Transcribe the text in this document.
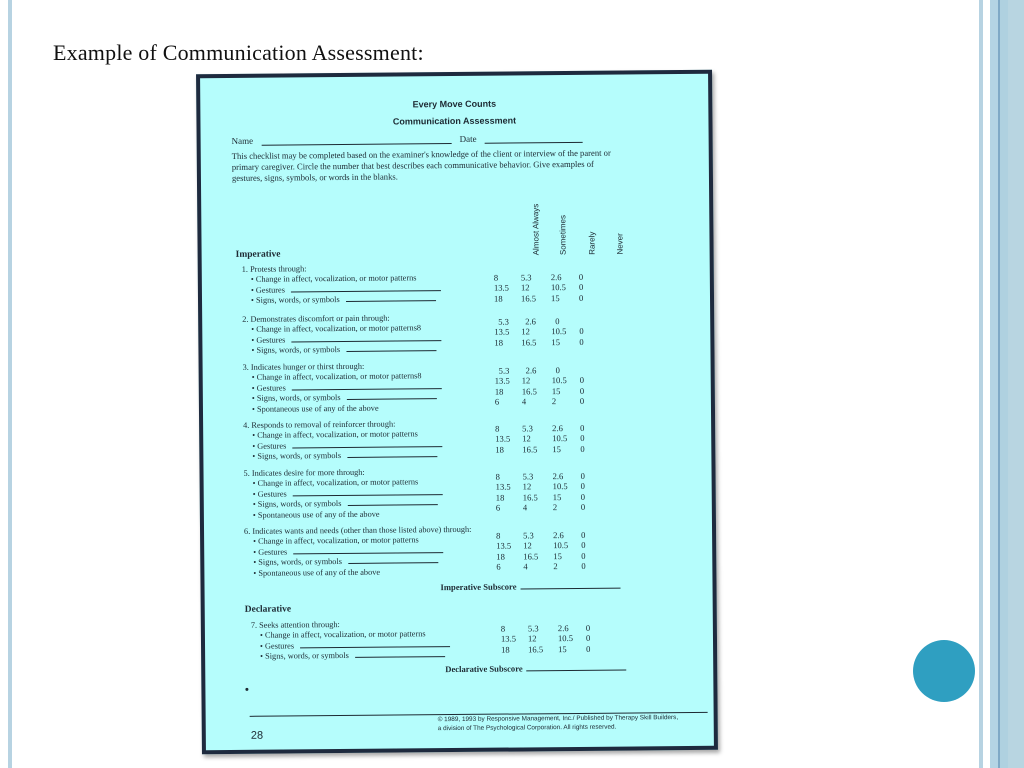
Example of Communication Assessment:
Every Move Counts
Communication Assessment
Name	Date
This checklist may be completed based on the examiner's knowledge of the client or interview of the parent or primary caregiver. Circle the number that best describes each communicative behavior. Give examples of gestures, signs, symbols, or words in the blanks.
Almost Always Sometimes Rarely Never
Imperative
1. Protests through:
• Change in affect, vocalization, or motor patterns
• Gestures
• Signs, words, or symbols
8	5.3	2.6	0
13.5	12	10.5	0
18	16.5	15	0
2. Demonstrates discomfort or pain through:
• Change in affect, vocalization, or motor patterns8
• Gestures
• Signs, words, or symbols
5.3	2.6	0
13.5	12	10.5	0
18	16.5	15	0
3. Indicates hunger or thirst through:
• Change in affect, vocalization, or motor patterns8
• Gestures
• Signs, words, or symbols
• Spontaneous use of any of the above
5.3	2.6	0
13.5	12	10.5	0
18	16.5	15	0
6	4	2	0
4. Responds to removal of reinforcer through:
• Change in affect, vocalization, or motor patterns
• Gestures
• Signs, words, or symbols
8	5.3	2.6	0
13.5	12	10.5	0
18	16.5	15	0
5. Indicates desire for more through:
• Change in affect, vocalization, or motor patterns
• Gestures
• Signs, words, or symbols
• Spontaneous use of any of the above
8	5.3	2.6	0
13.5	12	10.5	0
18	16.5	15	0
6	4	2	0
6. Indicates wants and needs (other than those listed above) through:
• Change in affect, vocalization, or motor patterns
• Gestures
• Signs, words, or symbols
• Spontaneous use of any of the above
8	5.3	2.6	0
13.5	12	10.5	0
18	16.5	15	0
6	4	2	0
Imperative Subscore
Declarative
7. Seeks attention through:
• Change in affect, vocalization, or motor patterns
• Gestures
• Signs, words, or symbols
8	5.3	2.6	0
13.5	12	10.5	0
18	16.5	15	0
Declarative Subscore
28
© 1989, 1993 by Responsive Management, Inc./ Published by Therapy Skill Builders,
a division of The Psychological Corporation. All rights reserved.
